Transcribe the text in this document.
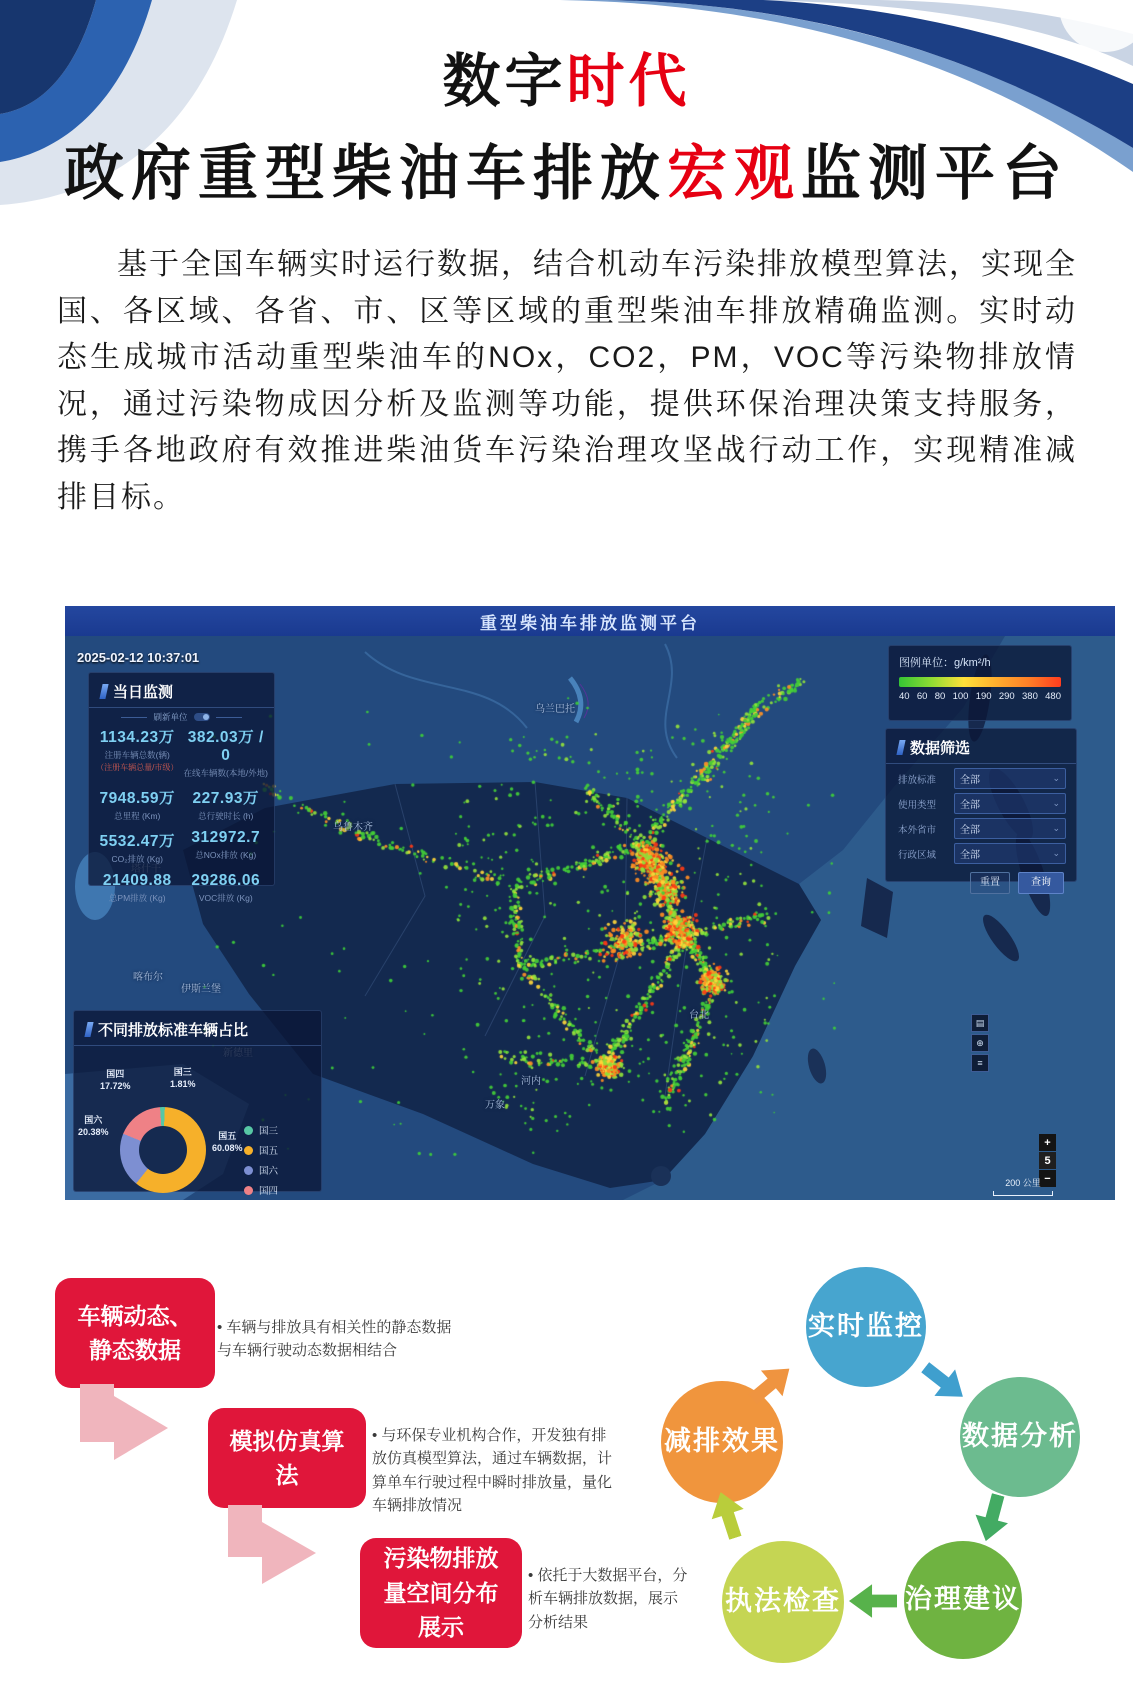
数字时代
政府重型柴油车排放宏观监测平台
基于全国车辆实时运行数据，结合机动车污染排放模型算法，实现全国、各区域、各省、市、区等区域的重型柴油车排放精确监测。实时动态生成城市活动重型柴油车的NOx，CO2，PM，VOC等污染物排放情况，通过污染物成因分析及监测等功能，提供环保治理决策支持服务，携手各地政府有效推进柴油货车污染治理攻坚战行动工作，实现精准减排目标。
重型柴油车排放监测平台
乌兰巴托
乌鲁木齐
喀布尔
伊斯兰堡
万象
河内
台北
2025-02-12 10:37:01
当日监测
刷新单位
1134.23万
注册车辆总数(辆)
（注册车辆总量/市级）
382.03万 / 0
在线车辆数(本地/外地)
7948.59万
总里程 (Km)
227.93万
总行驶时长 (h)
5532.47万
CO₂排放 (Kg)
312972.7
总NOx排放 (Kg)
21409.88
总PM排放 (Kg)
29286.06
VOC排放 (Kg)
图例单位：g/km²/h
40 60 80 100 190 290 380 480
数据筛选
排放标准	全部	⌄
使用类型	全部	⌄
本外省市	全部	⌄
行政区域	全部	⌄
重置	查询
不同排放标准车辆占比
国三
1.81%
国四
17.72%
国六
20.38%	国五
60.08%
国三
国五
国六
国四
▤
⊕
≡
+
5
−
200 公里
车辆动态、静态数据
• 车辆与排放具有相关性的静态数据与车辆行驶动态数据相结合
模拟仿真算法
• 与环保专业机构合作，开发独有排放仿真模型算法，通过车辆数据，计算单车行驶过程中瞬时排放量，量化车辆排放情况
污染物排放量空间分布展示
• 依托于大数据平台，分析车辆排放数据，展示分析结果
实时监控
数据分析
治理建议
执法检查
减排效果
